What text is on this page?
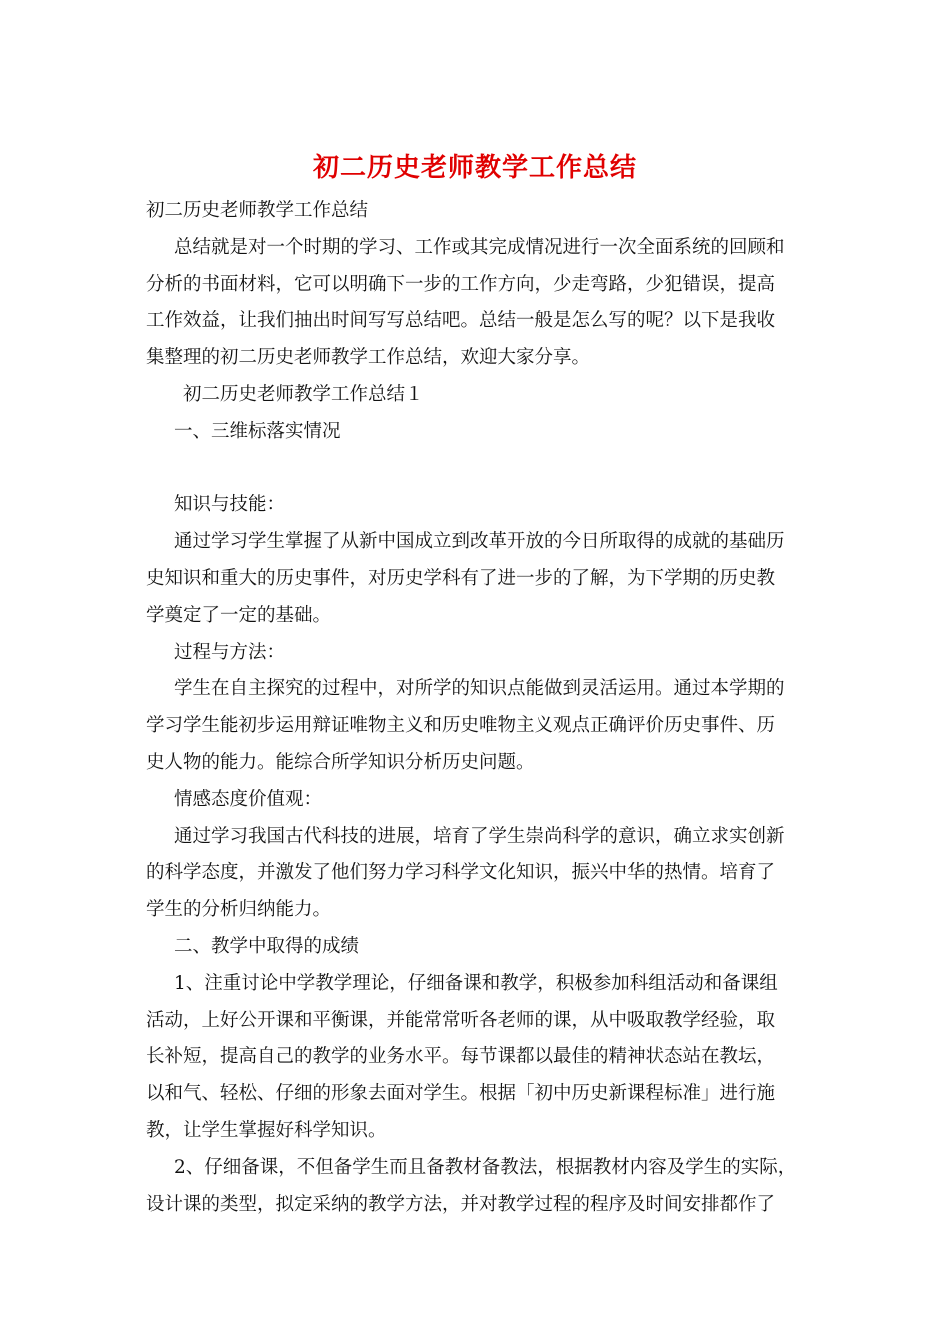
初二历史老师教学工作总结
初二历史老师教学工作总结
总结就是对一个时期的学习、工作或其完成情况进行一次全面系统的回顾和
分析的书面材料，它可以明确下一步的工作方向，少走弯路，少犯错误，提高
工作效益，让我们抽出时间写写总结吧。总结一般是怎么写的呢？以下是我收
集整理的初二历史老师教学工作总结，欢迎大家分享。
初二历史老师教学工作总结１
一、三维标落实情况
知识与技能：
通过学习学生掌握了从新中国成立到改革开放的今日所取得的成就的基础历
史知识和重大的历史事件，对历史学科有了进一步的了解，为下学期的历史教
学奠定了一定的基础。
过程与方法：
学生在自主探究的过程中，对所学的知识点能做到灵活运用。通过本学期的
学习学生能初步运用辩证唯物主义和历史唯物主义观点正确评价历史事件、历
史人物的能力。能综合所学知识分析历史问题。
情感态度价值观：
通过学习我国古代科技的进展，培育了学生崇尚科学的意识，确立求实创新
的科学态度，并激发了他们努力学习科学文化知识，振兴中华的热情。培育了
学生的分析归纳能力。
二、教学中取得的成绩
1、注重讨论中学教学理论，仔细备课和教学，积极参加科组活动和备课组
活动，上好公开课和平衡课，并能常常听各老师的课，从中吸取教学经验，取
长补短，提高自己的教学的业务水平。每节课都以最佳的精神状态站在教坛，
以和气、轻松、仔细的形象去面对学生。根据「初中历史新课程标准」进行施
教，让学生掌握好科学知识。
2、仔细备课，不但备学生而且备教材备教法，根据教材内容及学生的实际，
设计课的类型，拟定采纳的教学方法，并对教学过程的程序及时间安排都作了
